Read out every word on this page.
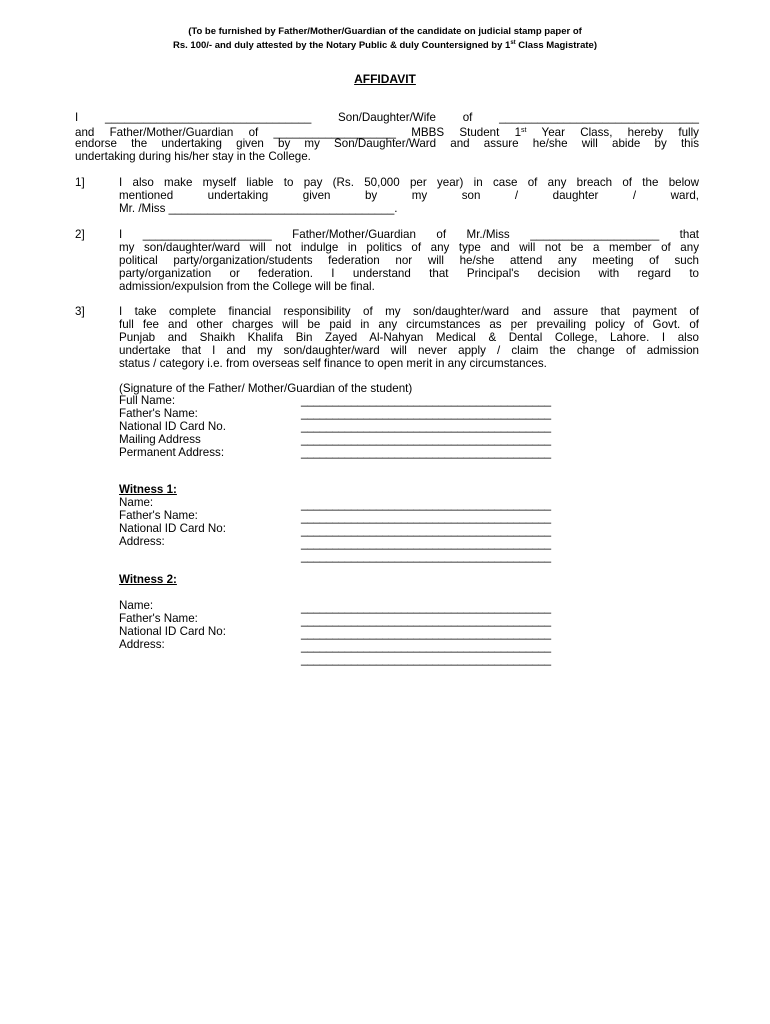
(To be furnished by Father/Mother/Guardian of the candidate on judicial stamp paper of
Rs. 100/- and duly attested by the Notary Public & duly Countersigned by 1st Class Magistrate)
AFFIDAVIT
I ________________________________ Son/Daughter/Wife of _______________________________
and Father/Mother/Guardian of ___________________ MBBS Student 1st Year Class, hereby fully
endorse the undertaking given by my Son/Daughter/Ward and assure he/she will abide by this
undertaking during his/her stay in the College.
1]	I also make myself liable to pay (Rs. 50,000 per year) in case of any breach of the below
mentioned undertaking given by my son / daughter / ward,
Mr. /Miss ___________________________________.
2]	I ____________________ Father/Mother/Guardian of Mr./Miss ____________________ that
my son/daughter/ward will not indulge in politics of any type and will not be a member of any
political party/organization/students federation nor will he/she attend any meeting of such
party/organization or federation. I understand that Principal's decision with regard to
admission/expulsion from the College will be final.
3]	I take complete financial responsibility of my son/daughter/ward and assure that payment of
full fee and other charges will be paid in any circumstances as per prevailing policy of Govt. of
Punjab and Shaikh Khalifa Bin Zayed Al-Nahyan Medical & Dental College, Lahore. I also
undertake that I and my son/daughter/ward will never apply / claim the change of admission
status / category i.e. from overseas self finance to open merit in any circumstances.
(Signature of the Father/ Mother/Guardian of the student)
Full Name:	________________________________________
Father's Name:	________________________________________
National ID Card No.	________________________________________
Mailing Address	________________________________________
Permanent Address:	________________________________________
Witness 1:
Name:	________________________________________
Father's Name:	________________________________________
National ID Card No:	________________________________________
Address:	________________________________________
________________________________________
Witness 2:
Name:	________________________________________
Father's Name:	________________________________________
National ID Card No:	________________________________________
Address:	________________________________________
________________________________________
